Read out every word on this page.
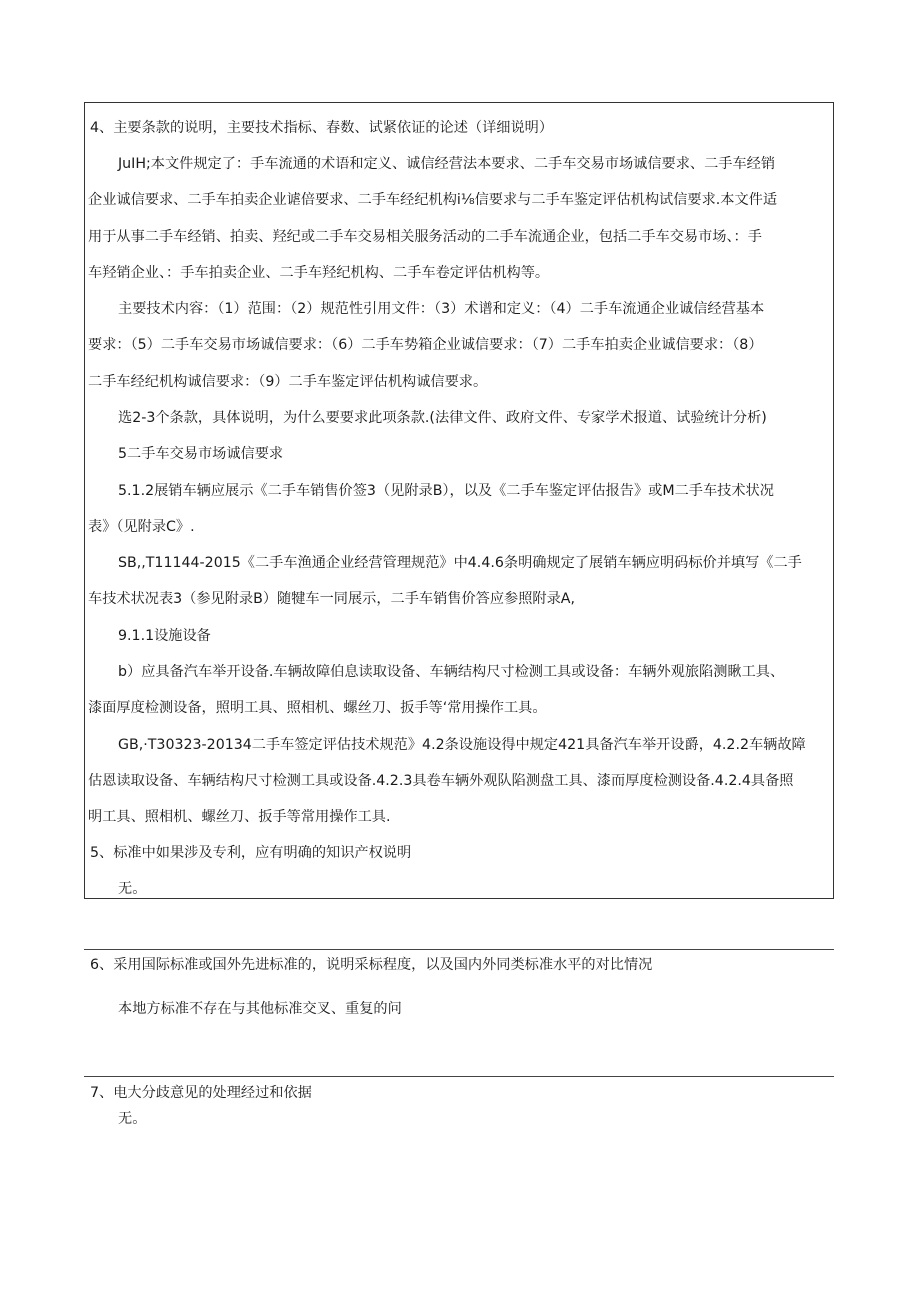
4、主要条款的说明，主要技术指标、春数、试紧依证的论述（详细说明）

JuIH;本文件规定了：手车流通的术语和定义、诚信经营法本要求、二手车交易市场诚信要求、二手车经销

企业诚信要求、二手车拍卖企业谑倍要求、二手车经纪机构i⅛信要求与二手车鉴定评估机构试信要求.本文件适

用于从事二手车经销、拍卖、羟纪或二手车交易相关服务活动的二手车流通企业，包括二手车交易市场、：手

车羟销企业、：手车拍卖企业、二手车羟纪机构、二手车卷定评估机构等。

主要技术内容：（1）范围：（2）规范性引用文件：（3）术谱和定义：（4）二手车流通企业诚信经营基本

要求：（5）二手车交易市场诚信要求：（6）二手车势箱企业诚信要求：（7）二手车拍卖企业诚信要求：（8）

二手车经纪机构诚信要求：（9）二手车鉴定评估机构诚信要求。

选2-3个条款，具体说明，为什么要要求此项条款.(法律文件、政府文件、专家学术报道、试验统计分析)

5二手车交易市场诚信要求

5.1.2展销车辆应展示《二手车销售价签3（见附录B），以及《二手车鉴定评估报告》或M二手车技术状况

表》（见附录C》.

SB,,T11144-2015《二手车渔通企业经营管理规范》中4.4.6条明确规定了展销车辆应明码标价并填写《二手

车技术状况表3（参见附录B）随犍车一同展示，二手车销售价答应参照附录A,

9.1.1设施设备

b）应具备汽车举开设备.车辆故障伯息读取设备、车辆结构尺寸检测工具或设备：车辆外观旅陷测瞅工具、

漆面厚度检测设备，照明工具、照相机、螺丝刀、扳手等‘常用操作工具。

GB,·T30323-20134二手车签定评估技术规范》4.2条设施设得中规定421具备汽车举开设爵，4.2.2车辆故障

估恩读取设备、车辆结构尺寸检测工具或设备.4.2.3具卷车辆外观队陷测盘工具、漆而厚度检测设备.4.2.4具备照

明工具、照相机、螺丝刀、扳手等常用操作工具.

5、标准中如果涉及专利，应有明确的知识产权说明

无。

6、采用国际标准或国外先进标准的，说明采标程度，以及国内外同类标准水平的对比情况

本地方标准不存在与其他标准交叉、重复的问

7、电大分歧意见的处理经过和依据

无。
